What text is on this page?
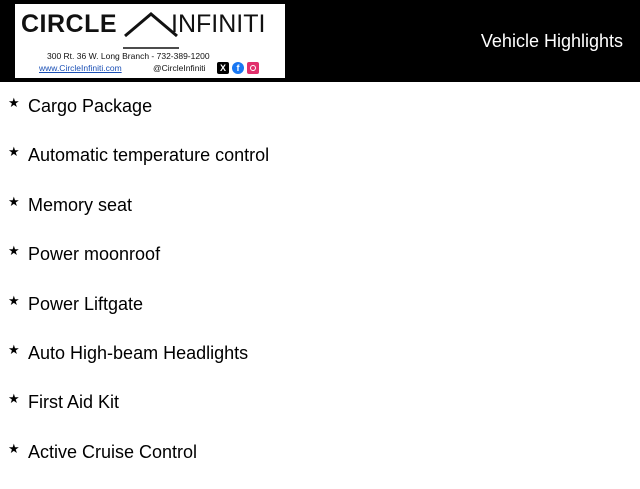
CIRCLE INFINITI
300 Rt. 36 W. Long Branch - 732-389-1200
www.CircleInfiniti.com	@CircleInfiniti	X	f
Vehicle Highlights
★ Cargo Package
★ Automatic temperature control
★ Memory seat
★ Power moonroof
★ Power Liftgate
★ Auto High-beam Headlights
★ First Aid Kit
★ Active Cruise Control
